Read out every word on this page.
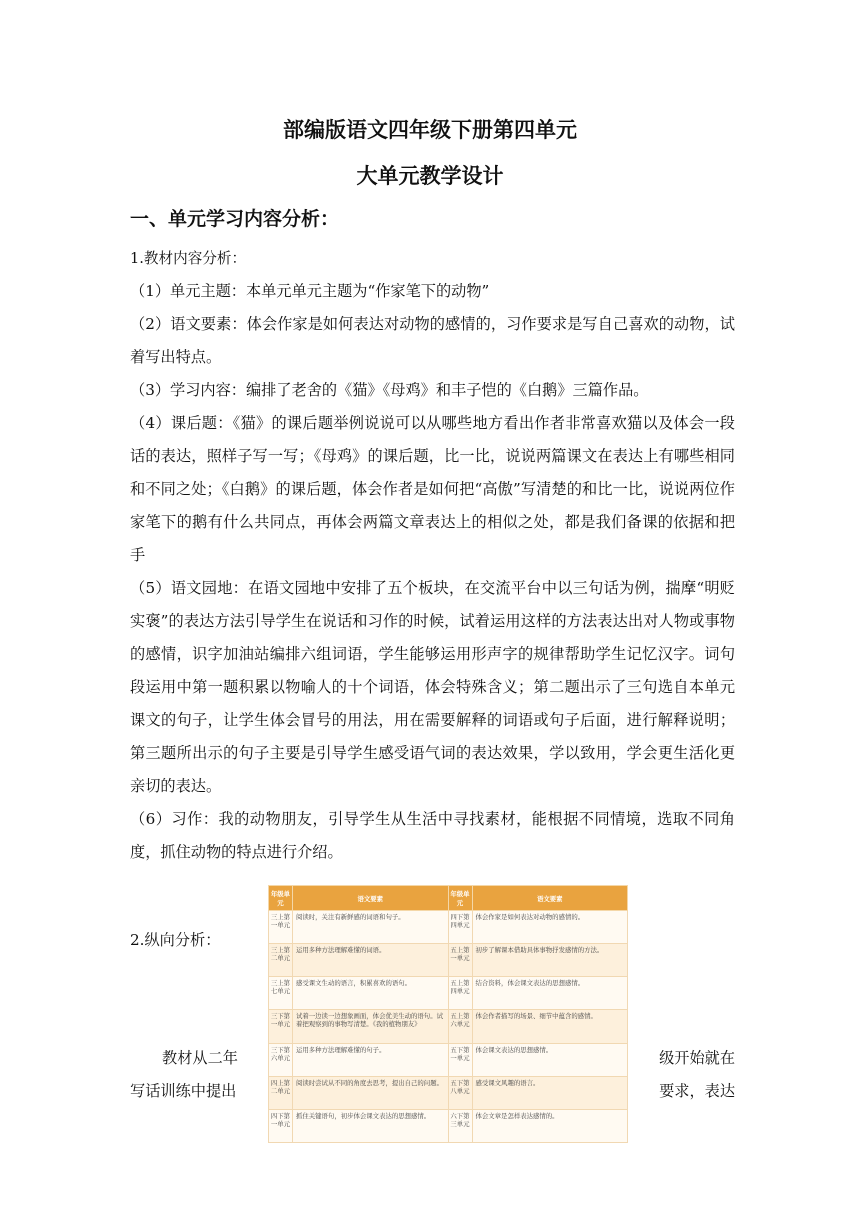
部编版语文四年级下册第四单元
大单元教学设计
一、单元学习内容分析：

1.教材内容分析：

（1）单元主题：本单元单元主题为“作家笔下的动物”

（2）语文要素：体会作家是如何表达对动物的感情的，习作要求是写自己喜欢的动物，试着写出特点。

（3）学习内容：编排了老舍的《猫》《母鸡》和丰子恺的《白鹅》三篇作品。

（4）课后题：《猫》的课后题举例说说可以从哪些地方看出作者非常喜欢猫以及体会一段话的表达，照样子写一写；《母鸡》的课后题，比一比，说说两篇课文在表达上有哪些相同和不同之处；《白鹅》的课后题，体会作者是如何把“高傲”写清楚的和比一比，说说两位作家笔下的鹅有什么共同点，再体会两篇文章表达上的相似之处，都是我们备课的依据和把手

（5）语文园地：在语文园地中安排了五个板块，在交流平台中以三句话为例，揣摩“明贬实褒”的表达方法引导学生在说话和习作的时候，试着运用这样的方法表达出对人物或事物的感情，识字加油站编排六组词语，学生能够运用形声字的规律帮助学生记忆汉字。词句段运用中第一题积累以物喻人的十个词语，体会特殊含义；第二题出示了三句选自本单元课文的句子，让学生体会冒号的用法，用在需要解释的词语或句子后面，进行解释说明；第三题所出示的句子主要是引导学生感受语气词的表达效果，学以致用，学会更生活化更亲切的表达。

（6）习作：我的动物朋友，引导学生从生活中寻找素材，能根据不同情境，选取不同角度，抓住动物的特点进行介绍。

2.纵向分析：
教材从二年
写话训练中提出
级开始就在
要求，表达
年级单元	语文要素	年级单元	语文要素
三上第一单元	阅读时，关注有新鲜感的词语和句子。	四下第四单元	体会作家是如何表达对动物的感情的。
三上第二单元	运用多种方法理解难懂的词语。	五上第一单元	初步了解课本借助具体事物抒发感情的方法。
三上第七单元	感受课文生动的语言，积累喜欢的语句。	五上第四单元	结合资料，体会课文表达的思想感情。
三下第一单元	试着一边读一边想象画面，体会优美生动的语句。试着把观察到的事物写清楚。《我的植物朋友》	五上第六单元	体会作者描写的场景、细节中蕴含的感情。
三下第六单元	运用多种方法理解难懂的句子。	五下第一单元	体会课文表达的思想感情。
四上第二单元	阅读时尝试从不同的角度去思考，提出自己的问题。	五下第八单元	感受课文风趣的语言。
四下第一单元	抓住关键语句，初步体会课文表达的思想感情。	六下第三单元	体会文章是怎样表达感情的。
